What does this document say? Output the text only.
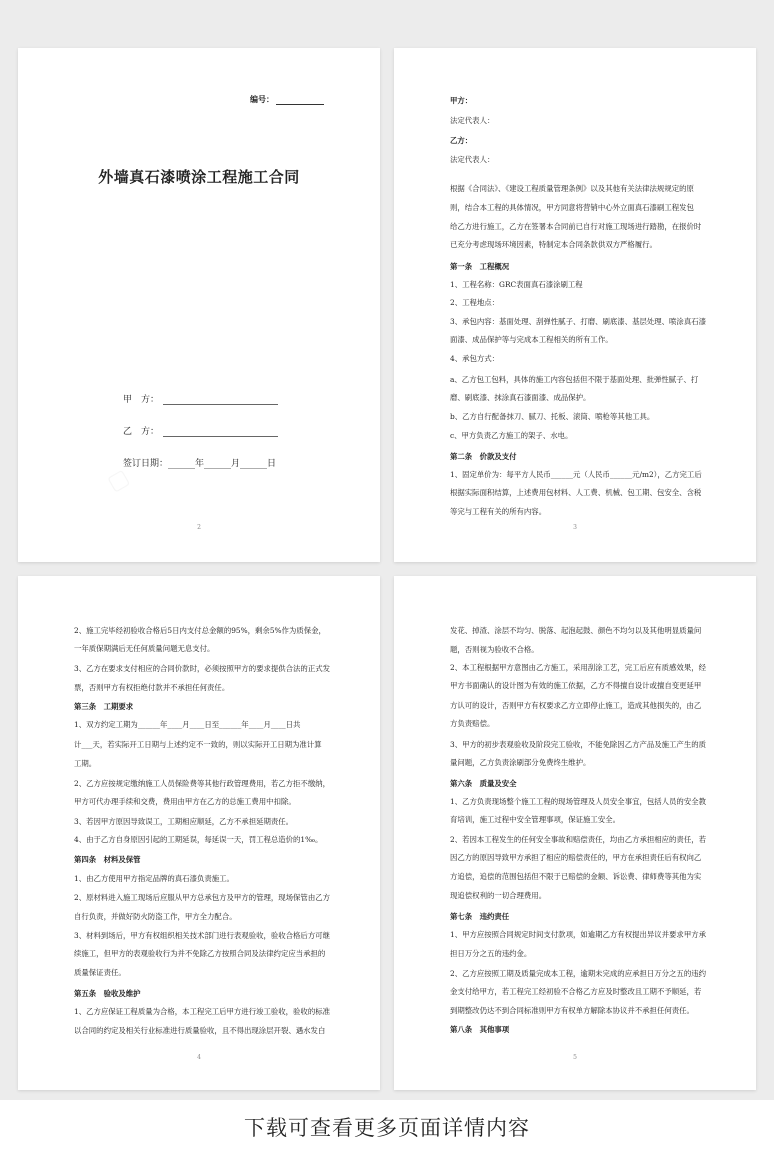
编号：
外墙真石漆喷涂工程施工合同
甲　方：
乙　方：
签订日期：______年______月______日
2	3
甲方：
法定代表人：
乙方：
法定代表人：
根据《合同法》、《建设工程质量管理条例》以及其他有关法律法规规定的原
则，结合本工程的具体情况，甲方同意将营销中心外立面真石漆刷工程发包
给乙方进行施工，乙方在签署本合同前已自行对施工现场进行踏勘，在报价时
已充分考虑现场环境因素，特制定本合同条款供双方严格履行。
第一条　工程概况
1、工程名称：GRC表面真石漆涂刷工程
2、工程地点：
3、承包内容：基面处理、刮弹性腻子、打磨、刷底漆、基层处理、喷涂真石漆
面漆、成品保护等与完成本工程相关的所有工作。
4、承包方式：
a、乙方包工包料，具体的施工内容包括但不限于基面处理、批弹性腻子、打
磨、刷底漆、抹涂真石漆面漆、成品保护。
b、乙方自行配备抹刀、腻刀、托板、滚筒、喷枪等其他工具。
c、甲方负责乙方施工的架子、水电。
第二条　价款及支付
1、固定单价为：每平方人民币______元（人民币______元/m2），乙方完工后
根据实际面积结算，上述费用包材料、人工费、机械、包工期、包安全、含税
等完与工程有关的所有内容。
4
2、施工完毕经初验收合格后5日内支付总金额的95%，剩余5%作为质保金，
一年质保期满后无任何质量问题无息支付。
3、乙方在要求支付相应的合同价款时，必须按照甲方的要求提供合法的正式发
票，否则甲方有权拒绝付款并不承担任何责任。
第三条　工期要求
1、双方约定工期为______年____月____日至______年____月____日共
计___天，若实际开工日期与上述约定不一致的，则以实际开工日期为准计算
工期。
2、乙方应按规定缴纳施工人员保险费等其他行政管理费用，若乙方拒不缴纳，
甲方可代办理手续和交费，费用由甲方在乙方的总施工费用中扣除。
3、若因甲方原因导致误工，工期相应顺延，乙方不承担延期责任。
4、由于乙方自身原因引起的工期延误，每延误一天，罚工程总造价的1‰。
第四条　材料及保管
1、由乙方使用甲方指定品牌的真石漆负责施工。
2、原材料进入施工现场后应服从甲方总承包方及甲方的管理，现场保管由乙方
自行负责，并做好防火防盗工作，甲方全力配合。
3、材料到场后，甲方有权组织相关技术部门进行表观验收，验收合格后方可继
续施工，但甲方的表观验收行为并不免除乙方按照合同及法律约定应当承担的
质量保证责任。
第五条　验收及维护
1、乙方应保证工程质量为合格，本工程完工后甲方进行竣工验收，验收的标准
以合同的约定及相关行业标准进行质量验收，且不得出现涂层开裂、遇水发白
5
发花、掉渣、涂层不均匀、脱落、起泡起鼓、颜色不均匀以及其他明显质量问
题，否则视为验收不合格。
2、本工程根据甲方意图由乙方施工，采用刮涂工艺，完工后应有质感效果，经
甲方书面确认的设计图为有效的施工依据，乙方不得擅自设计或擅自变更延甲
方认可的设计，否则甲方有权要求乙方立即停止施工，造成其他损失的，由乙
方负责赔偿。
3、甲方的初步表观验收及阶段完工验收，不能免除因乙方产品及施工产生的质
量问题，乙方负责涂刷部分免费终生维护。
第六条　质量及安全
1、乙方负责现场整个施工工程的现场管理及人员安全事宜，包括人员的安全教
育培训，施工过程中安全管理事项，保证施工安全。
2、若因本工程发生的任何安全事故和赔偿责任，均由乙方承担相应的责任，若
因乙方的原因导致甲方承担了相应的赔偿责任的，甲方在承担责任后有权向乙
方追偿，追偿的范围包括但不限于已赔偿的金额、诉讼费、律师费等其他为实
现追偿权利的一切合理费用。
第七条　违约责任
1、甲方应按照合同规定时间支付款项，如逾期乙方有权提出异议并要求甲方承
担日万分之五的违约金。
2、乙方应按照工期及质量完成本工程，逾期未完成的应承担日万分之五的违约
金支付给甲方，若工程完工经初验不合格乙方应及时整改且工期不予顺延，若
到期整改仍达不到合同标准则甲方有权单方解除本协议并不承担任何责任。
第八条　其他事项
下载可查看更多页面详情内容
